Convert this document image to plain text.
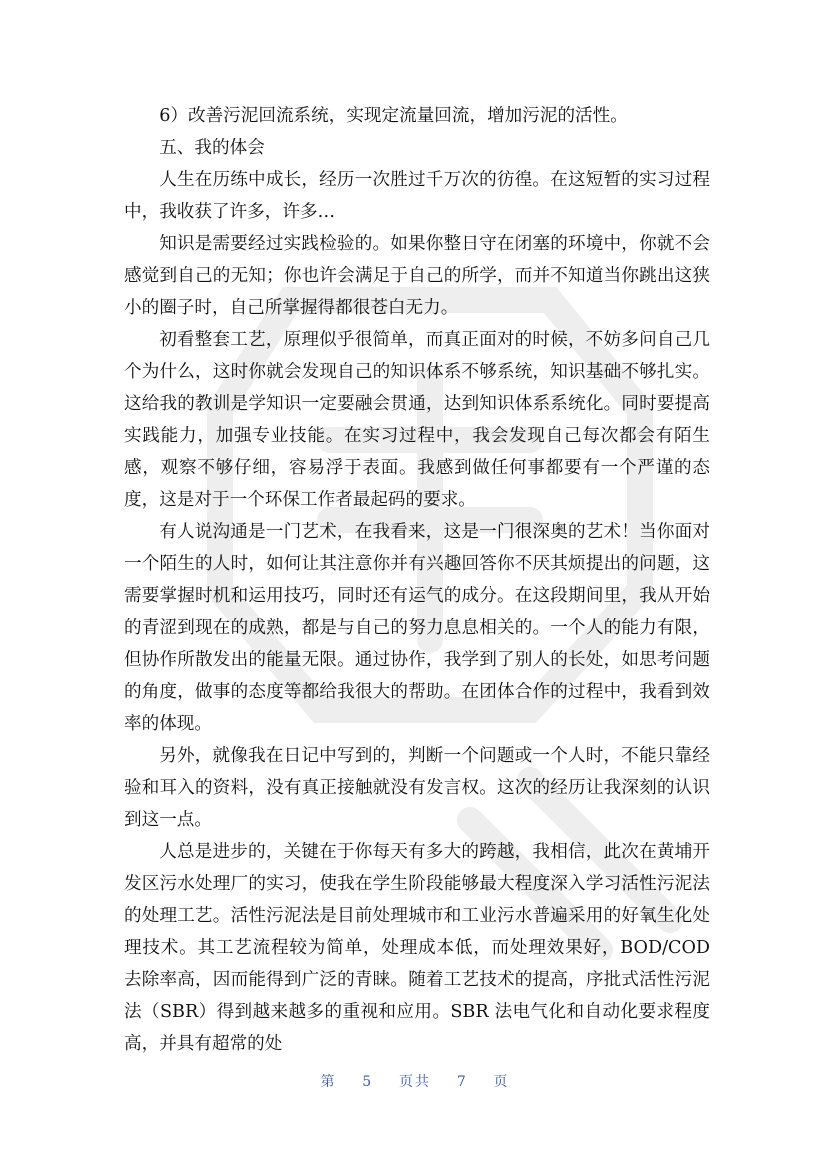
6）改善污泥回流系统，实现定流量回流，增加污泥的活性。

五、我的体会

人生在历练中成长，经历一次胜过千万次的彷徨。在这短暂的实习过程中，我收获了许多，许多…

知识是需要经过实践检验的。如果你整日守在闭塞的环境中，你就不会感觉到自己的无知；你也许会满足于自己的所学，而并不知道当你跳出这狭小的圈子时，自己所掌握得都很苍白无力。

初看整套工艺，原理似乎很简单，而真正面对的时候，不妨多问自己几个为什么，这时你就会发现自己的知识体系不够系统，知识基础不够扎实。这给我的教训是学知识一定要融会贯通，达到知识体系系统化。同时要提高实践能力，加强专业技能。在实习过程中，我会发现自己每次都会有陌生感，观察不够仔细，容易浮于表面。我感到做任何事都要有一个严谨的态度，这是对于一个环保工作者最起码的要求。

有人说沟通是一门艺术，在我看来，这是一门很深奥的艺术！当你面对一个陌生的人时，如何让其注意你并有兴趣回答你不厌其烦提出的问题，这需要掌握时机和运用技巧，同时还有运气的成分。在这段期间里，我从开始的青涩到现在的成熟，都是与自己的努力息息相关的。一个人的能力有限，但协作所散发出的能量无限。通过协作，我学到了别人的长处，如思考问题的角度，做事的态度等都给我很大的帮助。在团体合作的过程中，我看到效率的体现。

另外，就像我在日记中写到的，判断一个问题或一个人时，不能只靠经验和耳入的资料，没有真正接触就没有发言权。这次的经历让我深刻的认识到这一点。

人总是进步的，关键在于你每天有多大的跨越，我相信，此次在黄埔开发区污水处理厂的实习，使我在学生阶段能够最大程度深入学习活性污泥法的处理工艺。活性污泥法是目前处理城市和工业污水普遍采用的好氧生化处理技术。其工艺流程较为简单，处理成本低，而处理效果好，BOD/COD 去除率高，因而能得到广泛的青睐。随着工艺技术的提高，序批式活性污泥法（SBR）得到越来越多的重视和应用。SBR 法电气化和自动化要求程度高，并具有超常的处

第 5 页共 7 页
